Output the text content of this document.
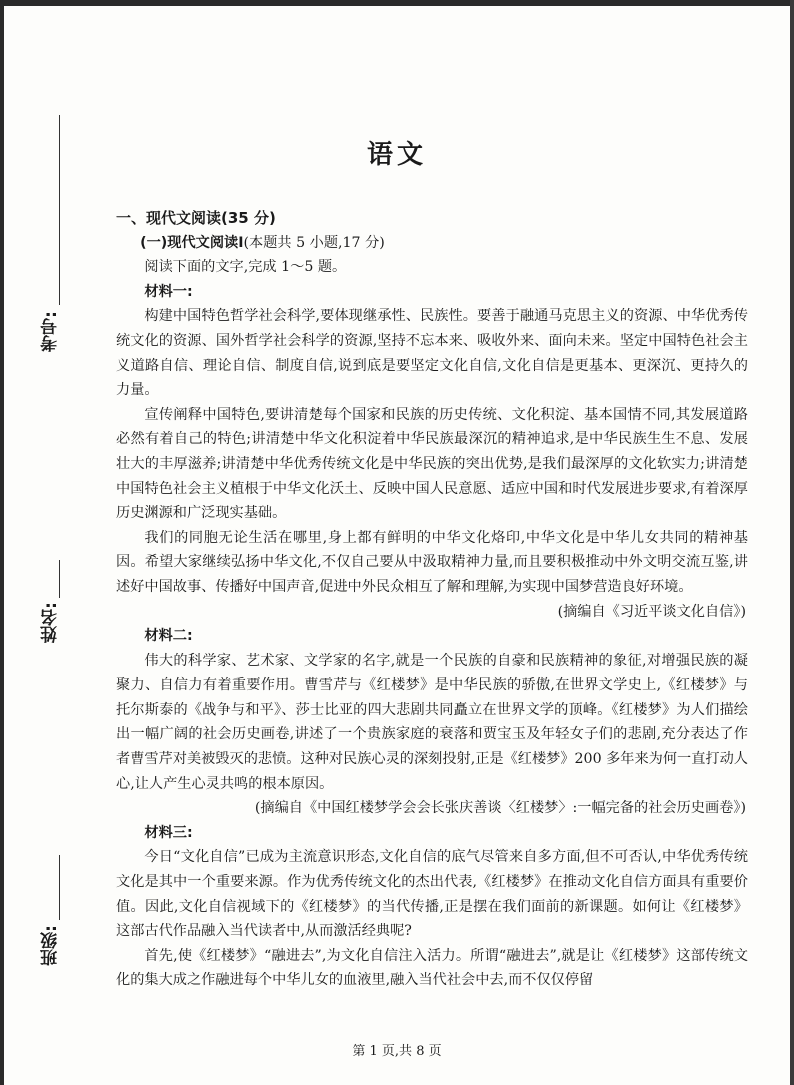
考号:
姓名:
班级:
语文

一、现代文阅读(35 分)

(一)现代文阅读Ⅰ(本题共 5 小题,17 分)

阅读下面的文字,完成 1～5 题。

材料一:

构建中国特色哲学社会科学,要体现继承性、民族性。要善于融通马克思主义的资源、中华优秀传统文化的资源、国外哲学社会科学的资源,坚持不忘本来、吸收外来、面向未来。坚定中国特色社会主义道路自信、理论自信、制度自信,说到底是要坚定文化自信,文化自信是更基本、更深沉、更持久的力量。

宣传阐释中国特色,要讲清楚每个国家和民族的历史传统、文化积淀、基本国情不同,其发展道路必然有着自己的特色;讲清楚中华文化积淀着中华民族最深沉的精神追求,是中华民族生生不息、发展壮大的丰厚滋养;讲清楚中华优秀传统文化是中华民族的突出优势,是我们最深厚的文化软实力;讲清楚中国特色社会主义植根于中华文化沃土、反映中国人民意愿、适应中国和时代发展进步要求,有着深厚历史渊源和广泛现实基础。

我们的同胞无论生活在哪里,身上都有鲜明的中华文化烙印,中华文化是中华儿女共同的精神基因。希望大家继续弘扬中华文化,不仅自己要从中汲取精神力量,而且要积极推动中外文明交流互鉴,讲述好中国故事、传播好中国声音,促进中外民众相互了解和理解,为实现中国梦营造良好环境。

(摘编自《习近平谈文化自信》)

材料二:

伟大的科学家、艺术家、文学家的名字,就是一个民族的自豪和民族精神的象征,对增强民族的凝聚力、自信力有着重要作用。曹雪芹与《红楼梦》是中华民族的骄傲,在世界文学史上,《红楼梦》与托尔斯泰的《战争与和平》、莎士比亚的四大悲剧共同矗立在世界文学的顶峰。《红楼梦》为人们描绘出一幅广阔的社会历史画卷,讲述了一个贵族家庭的衰落和贾宝玉及年轻女子们的悲剧,充分表达了作者曹雪芹对美被毁灭的悲愤。这种对民族心灵的深刻投射,正是《红楼梦》200 多年来为何一直打动人心,让人产生心灵共鸣的根本原因。

(摘编自《中国红楼梦学会会长张庆善谈〈红楼梦〉:一幅完备的社会历史画卷》)

材料三:

今日“文化自信”已成为主流意识形态,文化自信的底气尽管来自多方面,但不可否认,中华优秀传统文化是其中一个重要来源。作为优秀传统文化的杰出代表,《红楼梦》在推动文化自信方面具有重要价值。因此,文化自信视域下的《红楼梦》的当代传播,正是摆在我们面前的新课题。如何让《红楼梦》这部古代作品融入当代读者中,从而激活经典呢?

首先,使《红楼梦》“融进去”,为文化自信注入活力。所谓“融进去”,就是让《红楼梦》这部传统文化的集大成之作融进每个中华儿女的血液里,融入当代社会中去,而不仅仅停留

第 1 页,共 8 页
